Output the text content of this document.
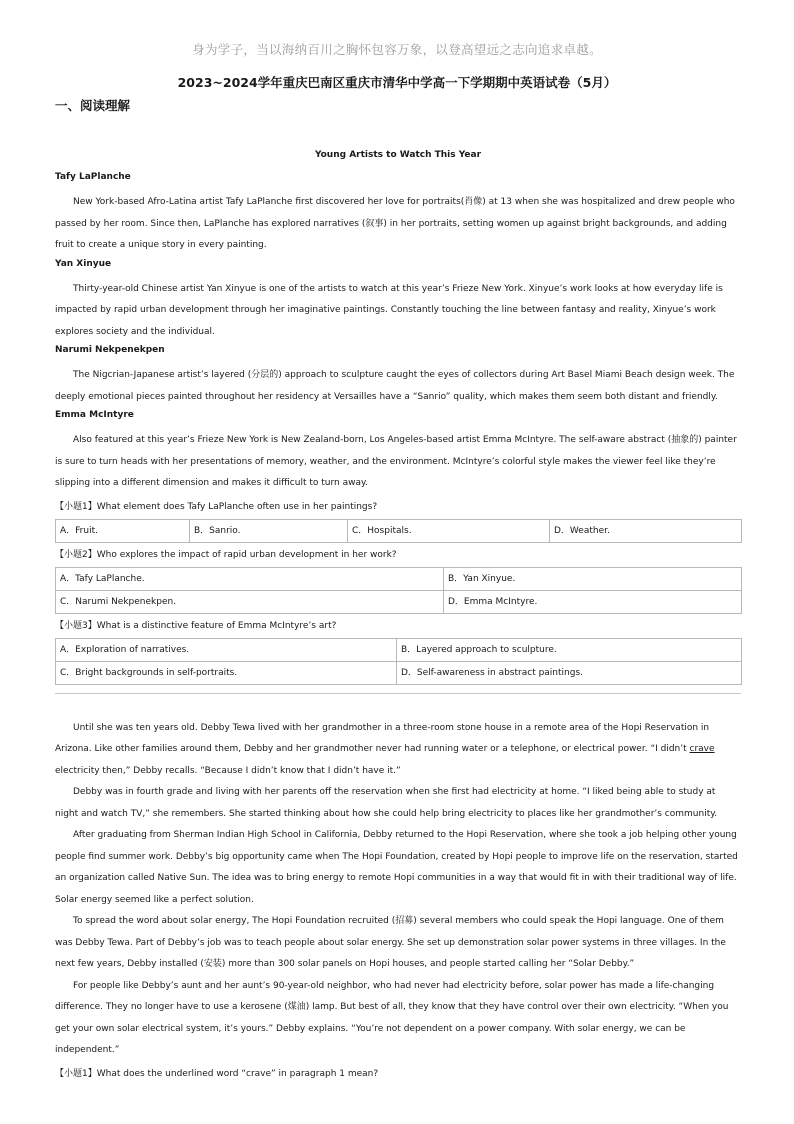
身为学子，当以海纳百川之胸怀包容万象，以登高望远之志向追求卓越。
2023~2024学年重庆巴南区重庆市清华中学高一下学期期中英语试卷（5月）
一、阅读理解
Young Artists to Watch This Year
Tafy LaPlanche

New York-based Afro-Latina artist Tafy LaPlanche first discovered her love for portraits(肖像) at 13 when she was hospitalized and drew people who passed by her room. Since then, LaPlanche has explored narratives (叙事) in her portraits, setting women up against bright backgrounds, and adding fruit to create a unique story in every painting.

Yan Xinyue

Thirty-year-old Chinese artist Yan Xinyue is one of the artists to watch at this year’s Frieze New York. Xinyue’s work looks at how everyday life is impacted by rapid urban development through her imaginative paintings. Constantly touching the line between fantasy and reality, Xinyue’s work explores society and the individual.

Narumi Nekpenekpen

The Nigcrian-Japanese artist’s layered (分层的) approach to sculpture caught the eyes of collectors during Art Basel Miami Beach design week. The deeply emotional pieces painted throughout her residency at Versailles have a “Sanrio” quality, which makes them seem both distant and friendly.

Emma McIntyre

Also featured at this year’s Frieze New York is New Zealand-born, Los Angeles-based artist Emma McIntyre. The self-aware abstract (抽象的) painter is sure to turn heads with her presentations of memory, weather, and the environment. McIntyre’s colorful style makes the viewer feel like they’re slipping into a different dimension and makes it difficult to turn away.

【小题1】What element does Tafy LaPlanche often use in her paintings?
A．Fruit.	B．Sanrio.	C．Hospitals.	D．Weather.
【小题2】Who explores the impact of rapid urban development in her work?
A．Tafy LaPlanche.	B．Yan Xinyue.
C．Narumi Nekpenekpen.	D．Emma McIntyre.
【小题3】What is a distinctive feature of Emma McIntyre’s art?
A．Exploration of narratives.	B．Layered approach to sculpture.
C．Bright backgrounds in self-portraits.	D．Self-awareness in abstract paintings.

Until she was ten years old. Debby Tewa lived with her grandmother in a three-room stone house in a remote area of the Hopi Reservation in Arizona. Like other families around them, Debby and her grandmother never had running water or a telephone, or electrical power. “I didn’t crave electricity then,” Debby recalls. “Because I didn’t know that I didn’t have it.”

Debby was in fourth grade and living with her parents off the reservation when she first had electricity at home. “I liked being able to study at night and watch TV,” she remembers. She started thinking about how she could help bring electricity to places like her grandmother’s community.

After graduating from Sherman Indian High School in California, Debby returned to the Hopi Reservation, where she took a job helping other young people find summer work. Debby’s big opportunity came when The Hopi Foundation, created by Hopi people to improve life on the reservation, started an organization called Native Sun. The idea was to bring energy to remote Hopi communities in a way that would fit in with their traditional way of life. Solar energy seemed like a perfect solution.

To spread the word about solar energy, The Hopi Foundation recruited (招募) several members who could speak the Hopi language. One of them was Debby Tewa. Part of Debby’s job was to teach people about solar energy. She set up demonstration solar power systems in three villages. In the next few years, Debby installed (安装) more than 300 solar panels on Hopi houses, and people started calling her “Solar Debby.”

For people like Debby’s aunt and her aunt’s 90-year-old neighbor, who had never had electricity before, solar power has made a life-changing difference. They no longer have to use a kerosene (煤油) lamp. But best of all, they know that they have control over their own electricity. “When you get your own solar electrical system, it’s yours.” Debby explains. “You’re not dependent on a power company. With solar energy, we can be independent.”

【小题1】What does the underlined word “crave” in paragraph 1 mean?
